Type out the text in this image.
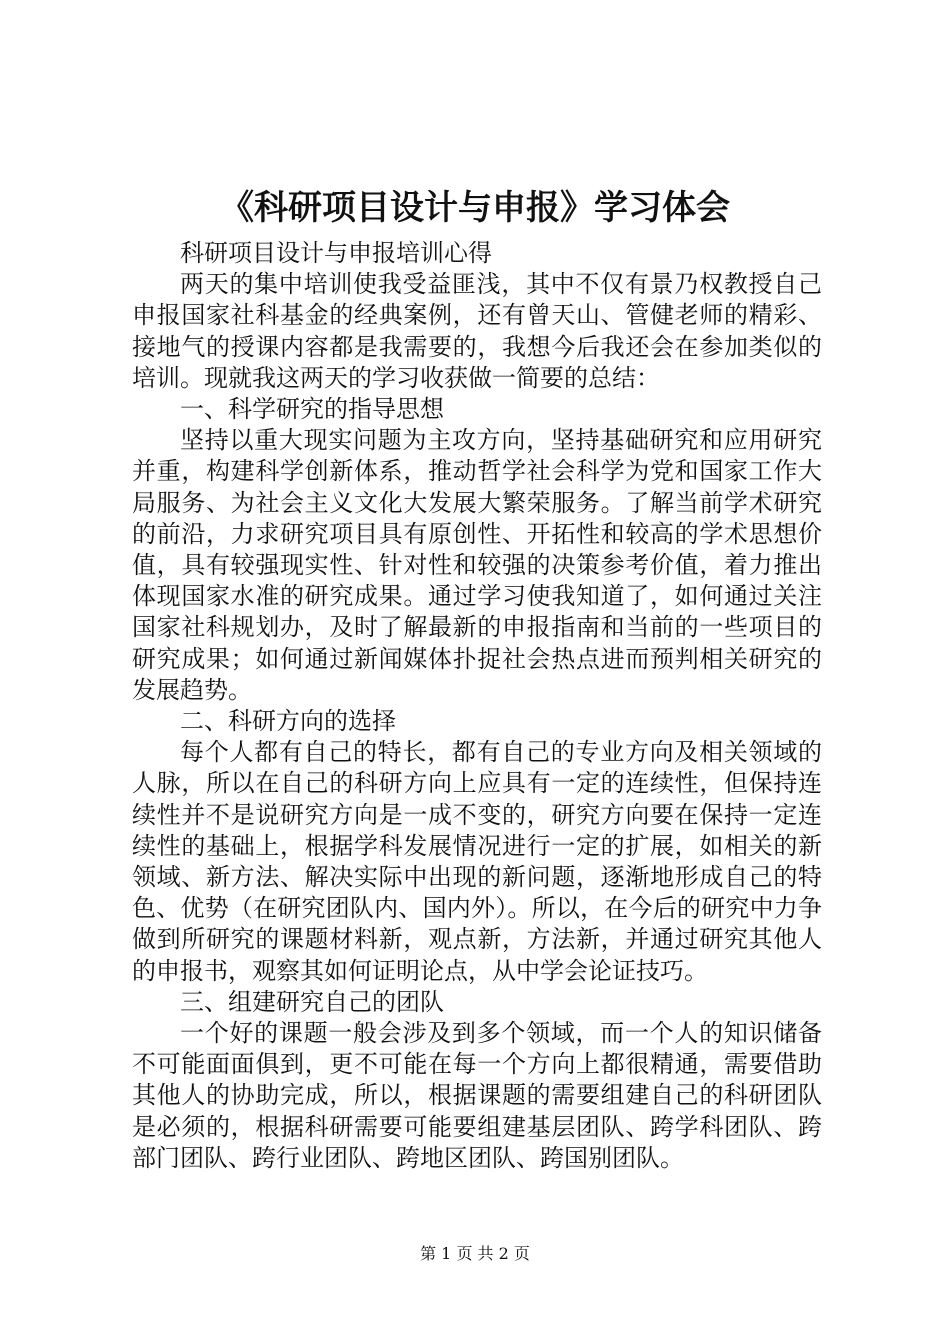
《科研项目设计与申报》学习体会

科研项目设计与申报培训心得

两天的集中培训使我受益匪浅，其中不仅有景乃权教授自己申报国家社科基金的经典案例，还有曾天山、管健老师的精彩、接地气的授课内容都是我需要的，我想今后我还会在参加类似的培训。现就我这两天的学习收获做一简要的总结：

一、科学研究的指导思想

坚持以重大现实问题为主攻方向，坚持基础研究和应用研究并重，构建科学创新体系，推动哲学社会科学为党和国家工作大局服务、为社会主义文化大发展大繁荣服务。了解当前学术研究的前沿，力求研究项目具有原创性、开拓性和较高的学术思想价值，具有较强现实性、针对性和较强的决策参考价值，着力推出体现国家水准的研究成果。通过学习使我知道了，如何通过关注国家社科规划办，及时了解最新的申报指南和当前的一些项目的研究成果；如何通过新闻媒体扑捉社会热点进而预判相关研究的发展趋势。

二、科研方向的选择

每个人都有自己的特长，都有自己的专业方向及相关领域的人脉，所以在自己的科研方向上应具有一定的连续性，但保持连续性并不是说研究方向是一成不变的，研究方向要在保持一定连续性的基础上，根据学科发展情况进行一定的扩展，如相关的新领域、新方法、解决实际中出现的新问题，逐渐地形成自己的特色、优势（在研究团队内、国内外）。所以，在今后的研究中力争做到所研究的课题材料新，观点新，方法新，并通过研究其他人的申报书，观察其如何证明论点，从中学会论证技巧。

三、组建研究自己的团队

一个好的课题一般会涉及到多个领域，而一个人的知识储备不可能面面俱到，更不可能在每一个方向上都很精通，需要借助其他人的协助完成，所以，根据课题的需要组建自己的科研团队是必须的，根据科研需要可能要组建基层团队、跨学科团队、跨部门团队、跨行业团队、跨地区团队、跨国别团队。

第 1 页 共 2 页
